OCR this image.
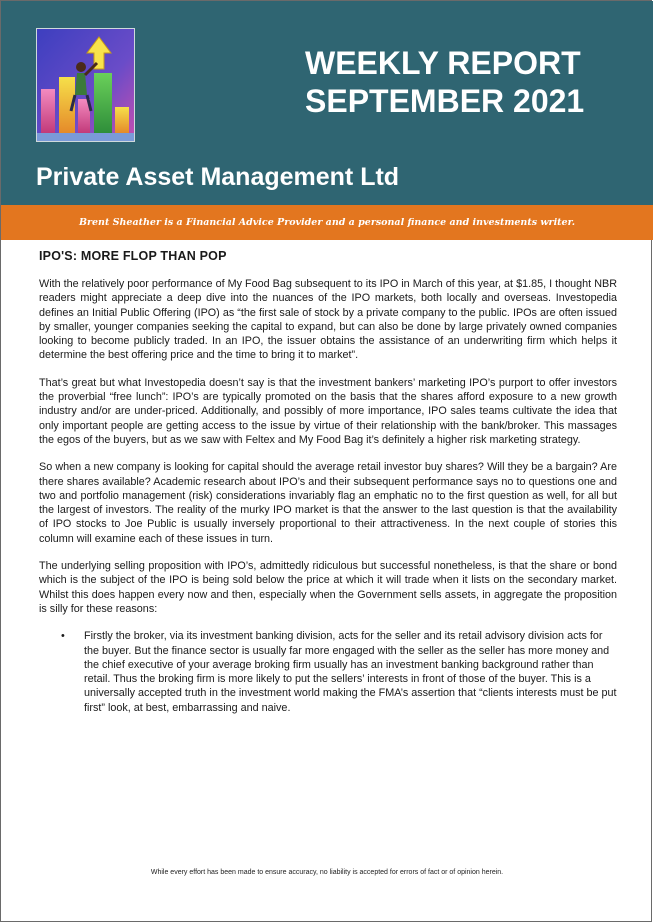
WEEKLY REPORT
SEPTEMBER 2021
Private Asset Management Ltd
Brent Sheather is a Financial Advice Provider and a personal finance and investments writer.
IPO'S: MORE FLOP THAN POP

With the relatively poor performance of My Food Bag subsequent to its IPO in March of this year, at $1.85, I thought NBR readers might appreciate a deep dive into the nuances of the IPO markets, both locally and overseas. Investopedia defines an Initial Public Offering (IPO) as “the first sale of stock by a private company to the public. IPOs are often issued by smaller, younger companies seeking the capital to expand, but can also be done by large privately owned companies looking to become publicly traded. In an IPO, the issuer obtains the assistance of an underwriting firm which helps it determine the best offering price and the time to bring it to market”.

That’s great but what Investopedia doesn’t say is that the investment bankers’ marketing IPO’s purport to offer investors the proverbial “free lunch”: IPO’s are typically promoted on the basis that the shares afford exposure to a new growth industry and/or are under-priced. Additionally, and possibly of more importance, IPO sales teams cultivate the idea that only important people are getting access to the issue by virtue of their relationship with the bank/broker. This massages the egos of the buyers, but as we saw with Feltex and My Food Bag it’s definitely a higher risk marketing strategy.

So when a new company is looking for capital should the average retail investor buy shares? Will they be a bargain? Are there shares available? Academic research about IPO’s and their subsequent performance says no to questions one and two and portfolio management (risk) considerations invariably flag an emphatic no to the first question as well, for all but the largest of investors. The reality of the murky IPO market is that the answer to the last question is that the availability of IPO stocks to Joe Public is usually inversely proportional to their attractiveness. In the next couple of stories this column will examine each of these issues in turn.

The underlying selling proposition with IPO’s, admittedly ridiculous but successful nonetheless, is that the share or bond which is the subject of the IPO is being sold below the price at which it will trade when it lists on the secondary market. Whilst this does happen every now and then, especially when the Government sells assets, in aggregate the proposition is silly for these reasons:

• Firstly the broker, via its investment banking division, acts for the seller and its retail advisory division acts for the buyer. But the finance sector is usually far more engaged with the seller as the seller has more money and the chief executive of your average broking firm usually has an investment banking background rather than retail. Thus the broking firm is more likely to put the sellers’ interests in front of those of the buyer. This is a universally accepted truth in the investment world making the FMA’s assertion that “clients interests must be put first” look, at best, embarrassing and naive.
While every effort has been made to ensure accuracy, no liability is accepted for errors of fact or of opinion herein.
